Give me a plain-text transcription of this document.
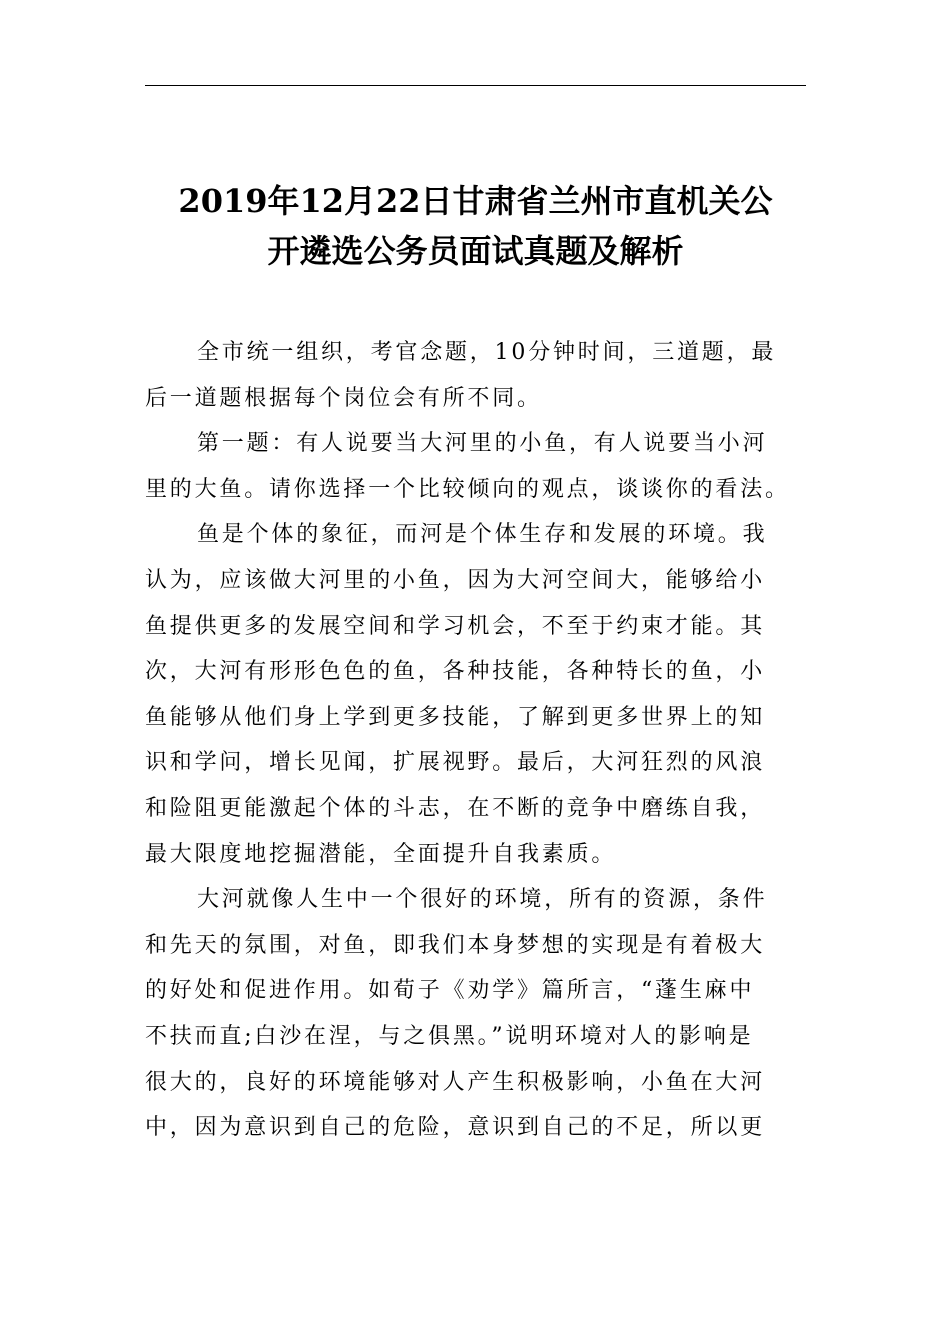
2019年12月22日甘肃省兰州市直机关公
开遴选公务员面试真题及解析

全市统一组织，考官念题，10分钟时间，三道题，最
后一道题根据每个岗位会有所不同。

第一题：有人说要当大河里的小鱼，有人说要当小河
里的大鱼。请你选择一个比较倾向的观点，谈谈你的看法。

鱼是个体的象征，而河是个体生存和发展的环境。我
认为，应该做大河里的小鱼，因为大河空间大，能够给小
鱼提供更多的发展空间和学习机会，不至于约束才能。其
次，大河有形形色色的鱼，各种技能，各种特长的鱼，小
鱼能够从他们身上学到更多技能，了解到更多世界上的知
识和学问，增长见闻，扩展视野。最后，大河狂烈的风浪
和险阻更能激起个体的斗志，在不断的竞争中磨练自我，
最大限度地挖掘潜能，全面提升自我素质。

大河就像人生中一个很好的环境，所有的资源，条件
和先天的氛围，对鱼，即我们本身梦想的实现是有着极大
的好处和促进作用。如荀子《劝学》篇所言，“蓬生麻中
不扶而直;白沙在涅，与之俱黑。”说明环境对人的影响是
很大的，良好的环境能够对人产生积极影响，小鱼在大河
中，因为意识到自己的危险，意识到自己的不足，所以更
